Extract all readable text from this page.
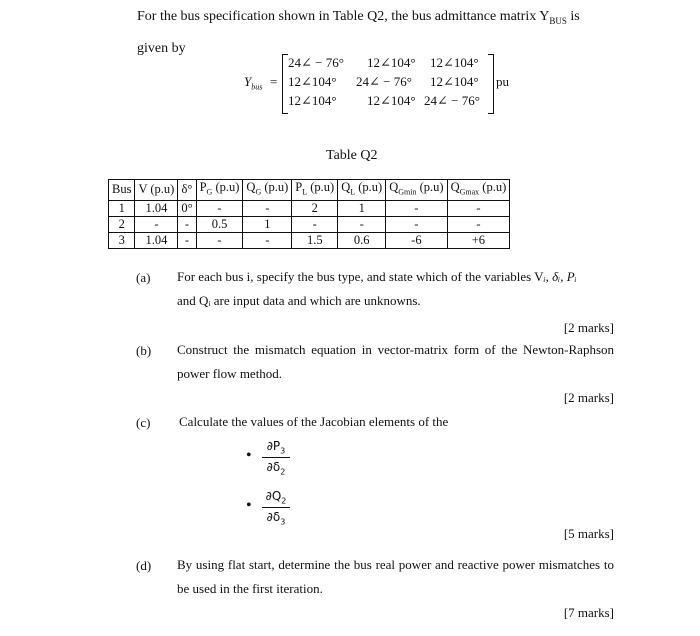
For the bus specification shown in Table Q2, the bus admittance matrix $Y_{BUS}$ is given by
$Y_{bus}$ =
24∠ − 76° 12∠104° 12∠104°
12∠104° 24∠ − 76° 12∠104°
12∠104° 12∠104° 24∠ − 76°
pu
Table Q2
Bus	V (p.u)	δ°	$P_G$ (p.u)	$Q_G$ (p.u)	$P_L$ (p.u)	$Q_L$ (p.u)	$Q_{Gmin}$ (p.u)	$Q_{Gmax}$ (p.u)
1	1.04	0°	-	-	2	1	-	-
2	-	-	0.5	1	-	-	-	-
3	1.04	-	-	-	1.5	0.6	-6	+6
(a) For each bus i, specify the bus type, and state which of the variables Vᵢ, δᵢ, Pᵢ
and Qᵢ are input data and which are unknowns.
[2 marks]
(b) Construct the mismatch equation in vector-matrix form of the Newton-Raphson power flow method.
[2 marks]
(c) Calculate the values of the Jacobian elements of the
• $\frac{\partial P_3}{\partial\delta_2}$
• $\frac{\partial Q_2}{\partial\delta_3}$
[5 marks]
(d) By using flat start, determine the bus real power and reactive power mismatches to be used in the first iteration.
[7 marks]
